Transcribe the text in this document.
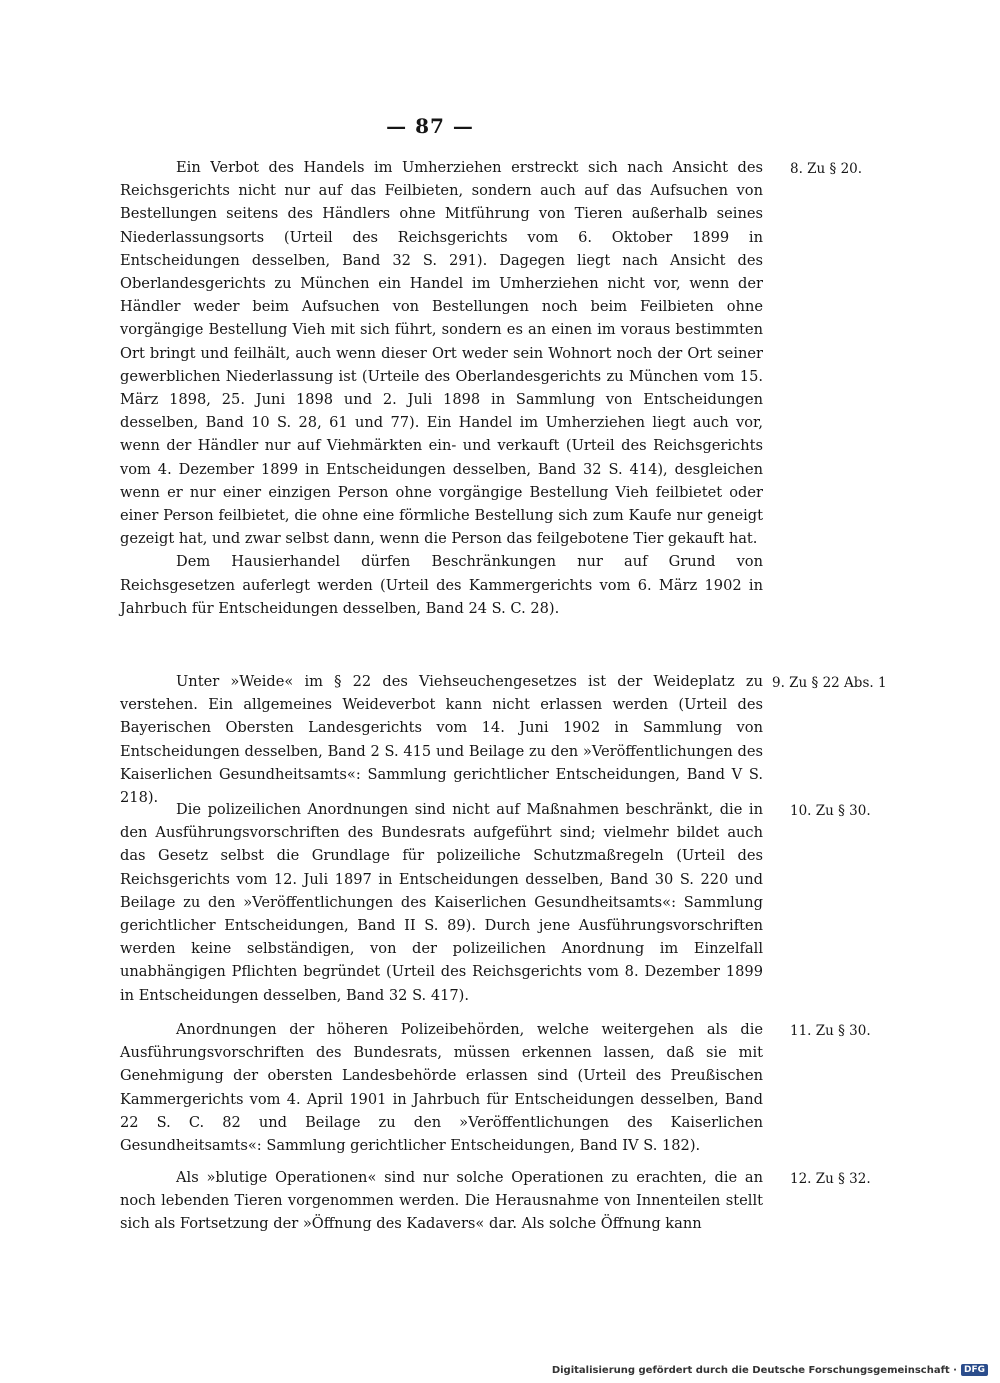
— 87 —

Ein Verbot des Handels im Umherziehen erstreckt sich nach Ansicht des Reichsgerichts nicht nur auf das Feilbieten, sondern auch auf das Aufsuchen von Bestellungen seitens des Händlers ohne Mitführung von Tieren außerhalb seines Niederlassungsorts (Urteil des Reichsgerichts vom 6. Oktober 1899 in Entscheidungen desselben, Band 32 S. 291). Dagegen liegt nach Ansicht des Oberlandesgerichts zu München ein Handel im Umherziehen nicht vor, wenn der Händler weder beim Aufsuchen von Bestellungen noch beim Feilbieten ohne vorgängige Bestellung Vieh mit sich führt, sondern es an einen im voraus bestimmten Ort bringt und feilhält, auch wenn dieser Ort weder sein Wohnort noch der Ort seiner gewerblichen Niederlassung ist (Urteile des Oberlandesgerichts zu München vom 15. März 1898, 25. Juni 1898 und 2. Juli 1898 in Sammlung von Entscheidungen desselben, Band 10 S. 28, 61 und 77). Ein Handel im Umherziehen liegt auch vor, wenn der Händler nur auf Viehmärkten ein- und verkauft (Urteil des Reichsgerichts vom 4. Dezember 1899 in Entscheidungen desselben, Band 32 S. 414), desgleichen wenn er nur einer einzigen Person ohne vorgängige Bestellung Vieh feilbietet oder einer Person feilbietet, die ohne eine förmliche Bestellung sich zum Kaufe nur geneigt gezeigt hat, und zwar selbst dann, wenn die Person das feilgebotene Tier gekauft hat.

Dem Hausierhandel dürfen Beschränkungen nur auf Grund von Reichsgesetzen auferlegt werden (Urteil des Kammergerichts vom 6. März 1902 in Jahrbuch für Entscheidungen desselben, Band 24 S. C. 28).

8. Zu § 20.

Unter »Weide« im § 22 des Viehseuchengesetzes ist der Weideplatz zu verstehen. Ein allgemeines Weideverbot kann nicht erlassen werden (Urteil des Bayerischen Obersten Landesgerichts vom 14. Juni 1902 in Sammlung von Entscheidungen desselben, Band 2 S. 415 und Beilage zu den »Veröffentlichungen des Kaiserlichen Gesundheitsamts«: Sammlung gerichtlicher Entscheidungen, Band V S. 218).

9. Zu § 22 Abs. 1

Die polizeilichen Anordnungen sind nicht auf Maßnahmen beschränkt, die in den Ausführungsvorschriften des Bundesrats aufgeführt sind; vielmehr bildet auch das Gesetz selbst die Grundlage für polizeiliche Schutzmaßregeln (Urteil des Reichsgerichts vom 12. Juli 1897 in Entscheidungen desselben, Band 30 S. 220 und Beilage zu den »Veröffentlichungen des Kaiserlichen Gesundheitsamts«: Sammlung gerichtlicher Entscheidungen, Band II S. 89). Durch jene Ausführungsvorschriften werden keine selbständigen, von der polizeilichen Anordnung im Einzelfall unabhängigen Pflichten begründet (Urteil des Reichsgerichts vom 8. Dezember 1899 in Entscheidungen desselben, Band 32 S. 417).

10. Zu § 30.

Anordnungen der höheren Polizeibehörden, welche weitergehen als die Ausführungsvorschriften des Bundesrats, müssen erkennen lassen, daß sie mit Genehmigung der obersten Landesbehörde erlassen sind (Urteil des Preußischen Kammergerichts vom 4. April 1901 in Jahrbuch für Entscheidungen desselben, Band 22 S. C. 82 und Beilage zu den »Veröffentlichungen des Kaiserlichen Gesundheitsamts«: Sammlung gerichtlicher Entscheidungen, Band IV S. 182).

11. Zu § 30.

Als »blutige Operationen« sind nur solche Operationen zu erachten, die an noch lebenden Tieren vorgenommen werden. Die Herausnahme von Innenteilen stellt sich als Fortsetzung der »Öffnung des Kadavers« dar. Als solche Öffnung kann

12. Zu § 32.
Digitalisierung gefördert durch die Deutsche Forschungsgemeinschaft · DFG
